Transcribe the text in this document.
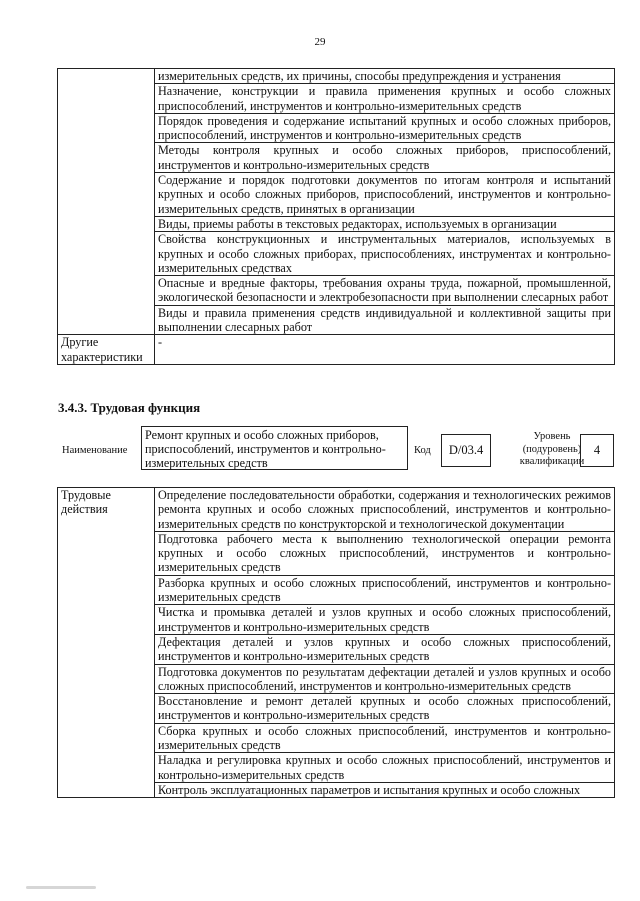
29
	измерительных средств, их причины, способы предупреждения и устранения
	Назначение, конструкции и правила применения крупных и особо сложных приспособлений, инструментов и контрольно-измерительных средств
	Порядок проведения и содержание испытаний крупных и особо сложных приборов, приспособлений, инструментов и контрольно-измерительных средств
	Методы контроля крупных и особо сложных приборов, приспособлений, инструментов и контрольно-измерительных средств
	Содержание и порядок подготовки документов по итогам контроля и испытаний крупных и особо сложных приборов, приспособлений, инструментов и контрольно-измерительных средств, принятых в организации
	Виды, приемы работы в текстовых редакторах, используемых в организации
	Свойства конструкционных и инструментальных материалов, используемых в крупных и особо сложных приборах, приспособлениях, инструментах и контрольно-измерительных средствах
	Опасные и вредные факторы, требования охраны труда, пожарной, промышленной, экологической безопасности и электробезопасности при выполнении слесарных работ
	Виды и правила применения средств индивидуальной и коллективной защиты при выполнении слесарных работ
Другие характеристики	-
3.4.3. Трудовая функция
Наименование
Ремонт крупных и особо сложных приборов, приспособлений, инструментов и контрольно-измерительных средств
Код	D/03.4
Уровень (подуровень) квалификации
4
Трудовые действия	Определение последовательности обработки, содержания и технологических режимов ремонта крупных и особо сложных приспособлений, инструментов и контрольно-измерительных средств по конструкторской и технологической документации
Подготовка рабочего места к выполнению технологической операции ремонта крупных и особо сложных приспособлений, инструментов и контрольно-измерительных средств
Разборка крупных и особо сложных приспособлений, инструментов и контрольно-измерительных средств
Чистка и промывка деталей и узлов крупных и особо сложных приспособлений, инструментов и контрольно-измерительных средств
Дефектация деталей и узлов крупных и особо сложных приспособлений, инструментов и контрольно-измерительных средств
Подготовка документов по результатам дефектации деталей и узлов крупных и особо сложных приспособлений, инструментов и контрольно-измерительных средств
Восстановление и ремонт деталей крупных и особо сложных приспособлений, инструментов и контрольно-измерительных средств
Сборка крупных и особо сложных приспособлений, инструментов и контрольно-измерительных средств
Наладка и регулировка крупных и особо сложных приспособлений, инструментов и контрольно-измерительных средств
Контроль эксплуатационных параметров и испытания крупных и особо сложных
